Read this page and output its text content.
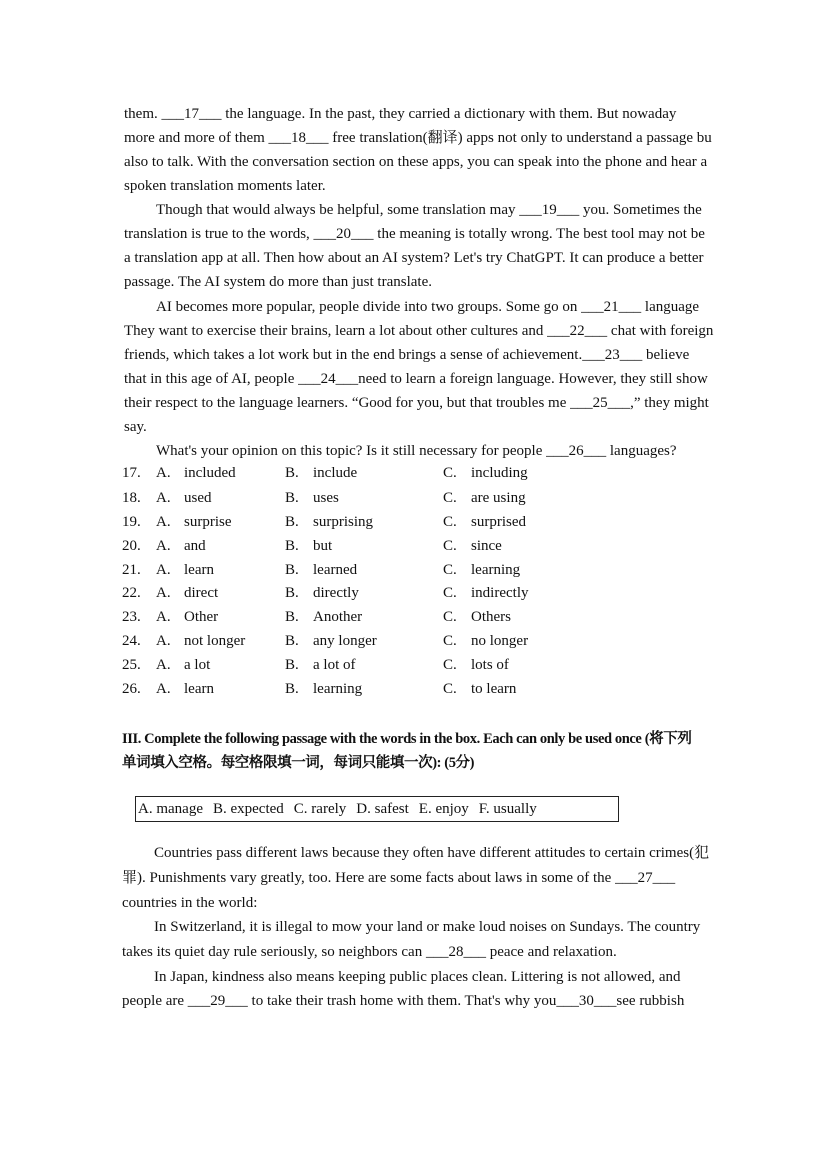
them. ___17___ the language. In the past, they carried a dictionary with them. But nowaday
more and more of them ___18___ free translation(翻译) apps not only to understand a passage bu
also to talk. With the conversation section on these apps, you can speak into the phone and hear a
spoken translation moments later.
Though that would always be helpful, some translation may ___19___ you. Sometimes the
translation is true to the words, ___20___ the meaning is totally wrong. The best tool may not be
a translation app at all. Then how about an AI system? Let's try ChatGPT. It can produce a better
passage. The AI system do more than just translate.
AI becomes more popular, people divide into two groups. Some go on ___21___ language
They want to exercise their brains, learn a lot about other cultures and ___22___ chat with foreign
friends, which takes a lot work but in the end brings a sense of achievement.___23___ believe
that in this age of AI, people ___24___need to learn a foreign language. However, they still show
their respect to the language learners. “Good for you, but that troubles me ___25___,” they might
say.
What's your opinion on this topic? Is it still necessary for people ___26___ languages?
17. A. included	B. include	C. including
18. A. used	B. uses	C. are using
19. A. surprise	B. surprising	C. surprised
20. A. and	B. but	C. since
21. A. learn	B. learned	C. learning
22. A. direct	B. directly	C. indirectly
23. A. Other	B. Another	C. Others
24. A. not longer	B. any longer	C. no longer
25. A. a lot	B. a lot of	C. lots of
26. A. learn	B. learning	C. to learn
III. Complete the following passage with the words in the box. Each can only be used once (将下列
单词填入空格。每空格限填一词，每词只能填一次): (5分)
A. manage B. expected C. rarely D. safest E. enjoy F. usually
Countries pass different laws because they often have different attitudes to certain crimes(犯
罪). Punishments vary greatly, too. Here are some facts about laws in some of the ___27___
countries in the world:
In Switzerland, it is illegal to mow your land or make loud noises on Sundays. The country
takes its quiet day rule seriously, so neighbors can ___28___ peace and relaxation.
In Japan, kindness also means keeping public places clean. Littering is not allowed, and
people are ___29___ to take their trash home with them. That's why you___30___see rubbish
